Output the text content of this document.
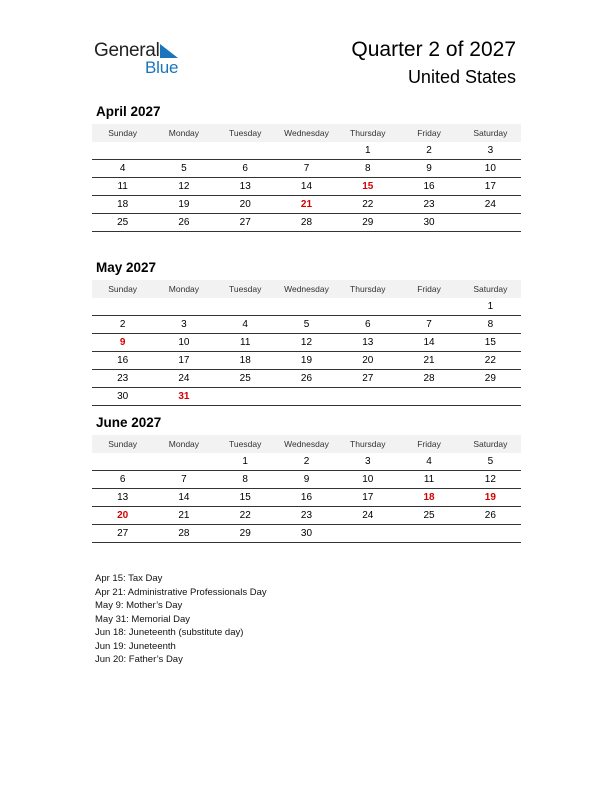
General
Blue
Quarter 2 of 2027
United States
April 2027
Sunday	Monday	Tuesday	Wednesday	Thursday	Friday	Saturday
				1	2	3
4	5	6	7	8	9	10
11	12	13	14	15	16	17
18	19	20	21	22	23	24
25	26	27	28	29	30	
May 2027
Sunday	Monday	Tuesday	Wednesday	Thursday	Friday	Saturday
						1
2	3	4	5	6	7	8
9	10	11	12	13	14	15
16	17	18	19	20	21	22
23	24	25	26	27	28	29
30	31					
June 2027
Sunday	Monday	Tuesday	Wednesday	Thursday	Friday	Saturday
		1	2	3	4	5
6	7	8	9	10	11	12
13	14	15	16	17	18	19
20	21	22	23	24	25	26
27	28	29	30			
Apr 15: Tax Day
Apr 21: Administrative Professionals Day
May 9: Mother’s Day
May 31: Memorial Day
Jun 18: Juneteenth (substitute day)
Jun 19: Juneteenth
Jun 20: Father’s Day
